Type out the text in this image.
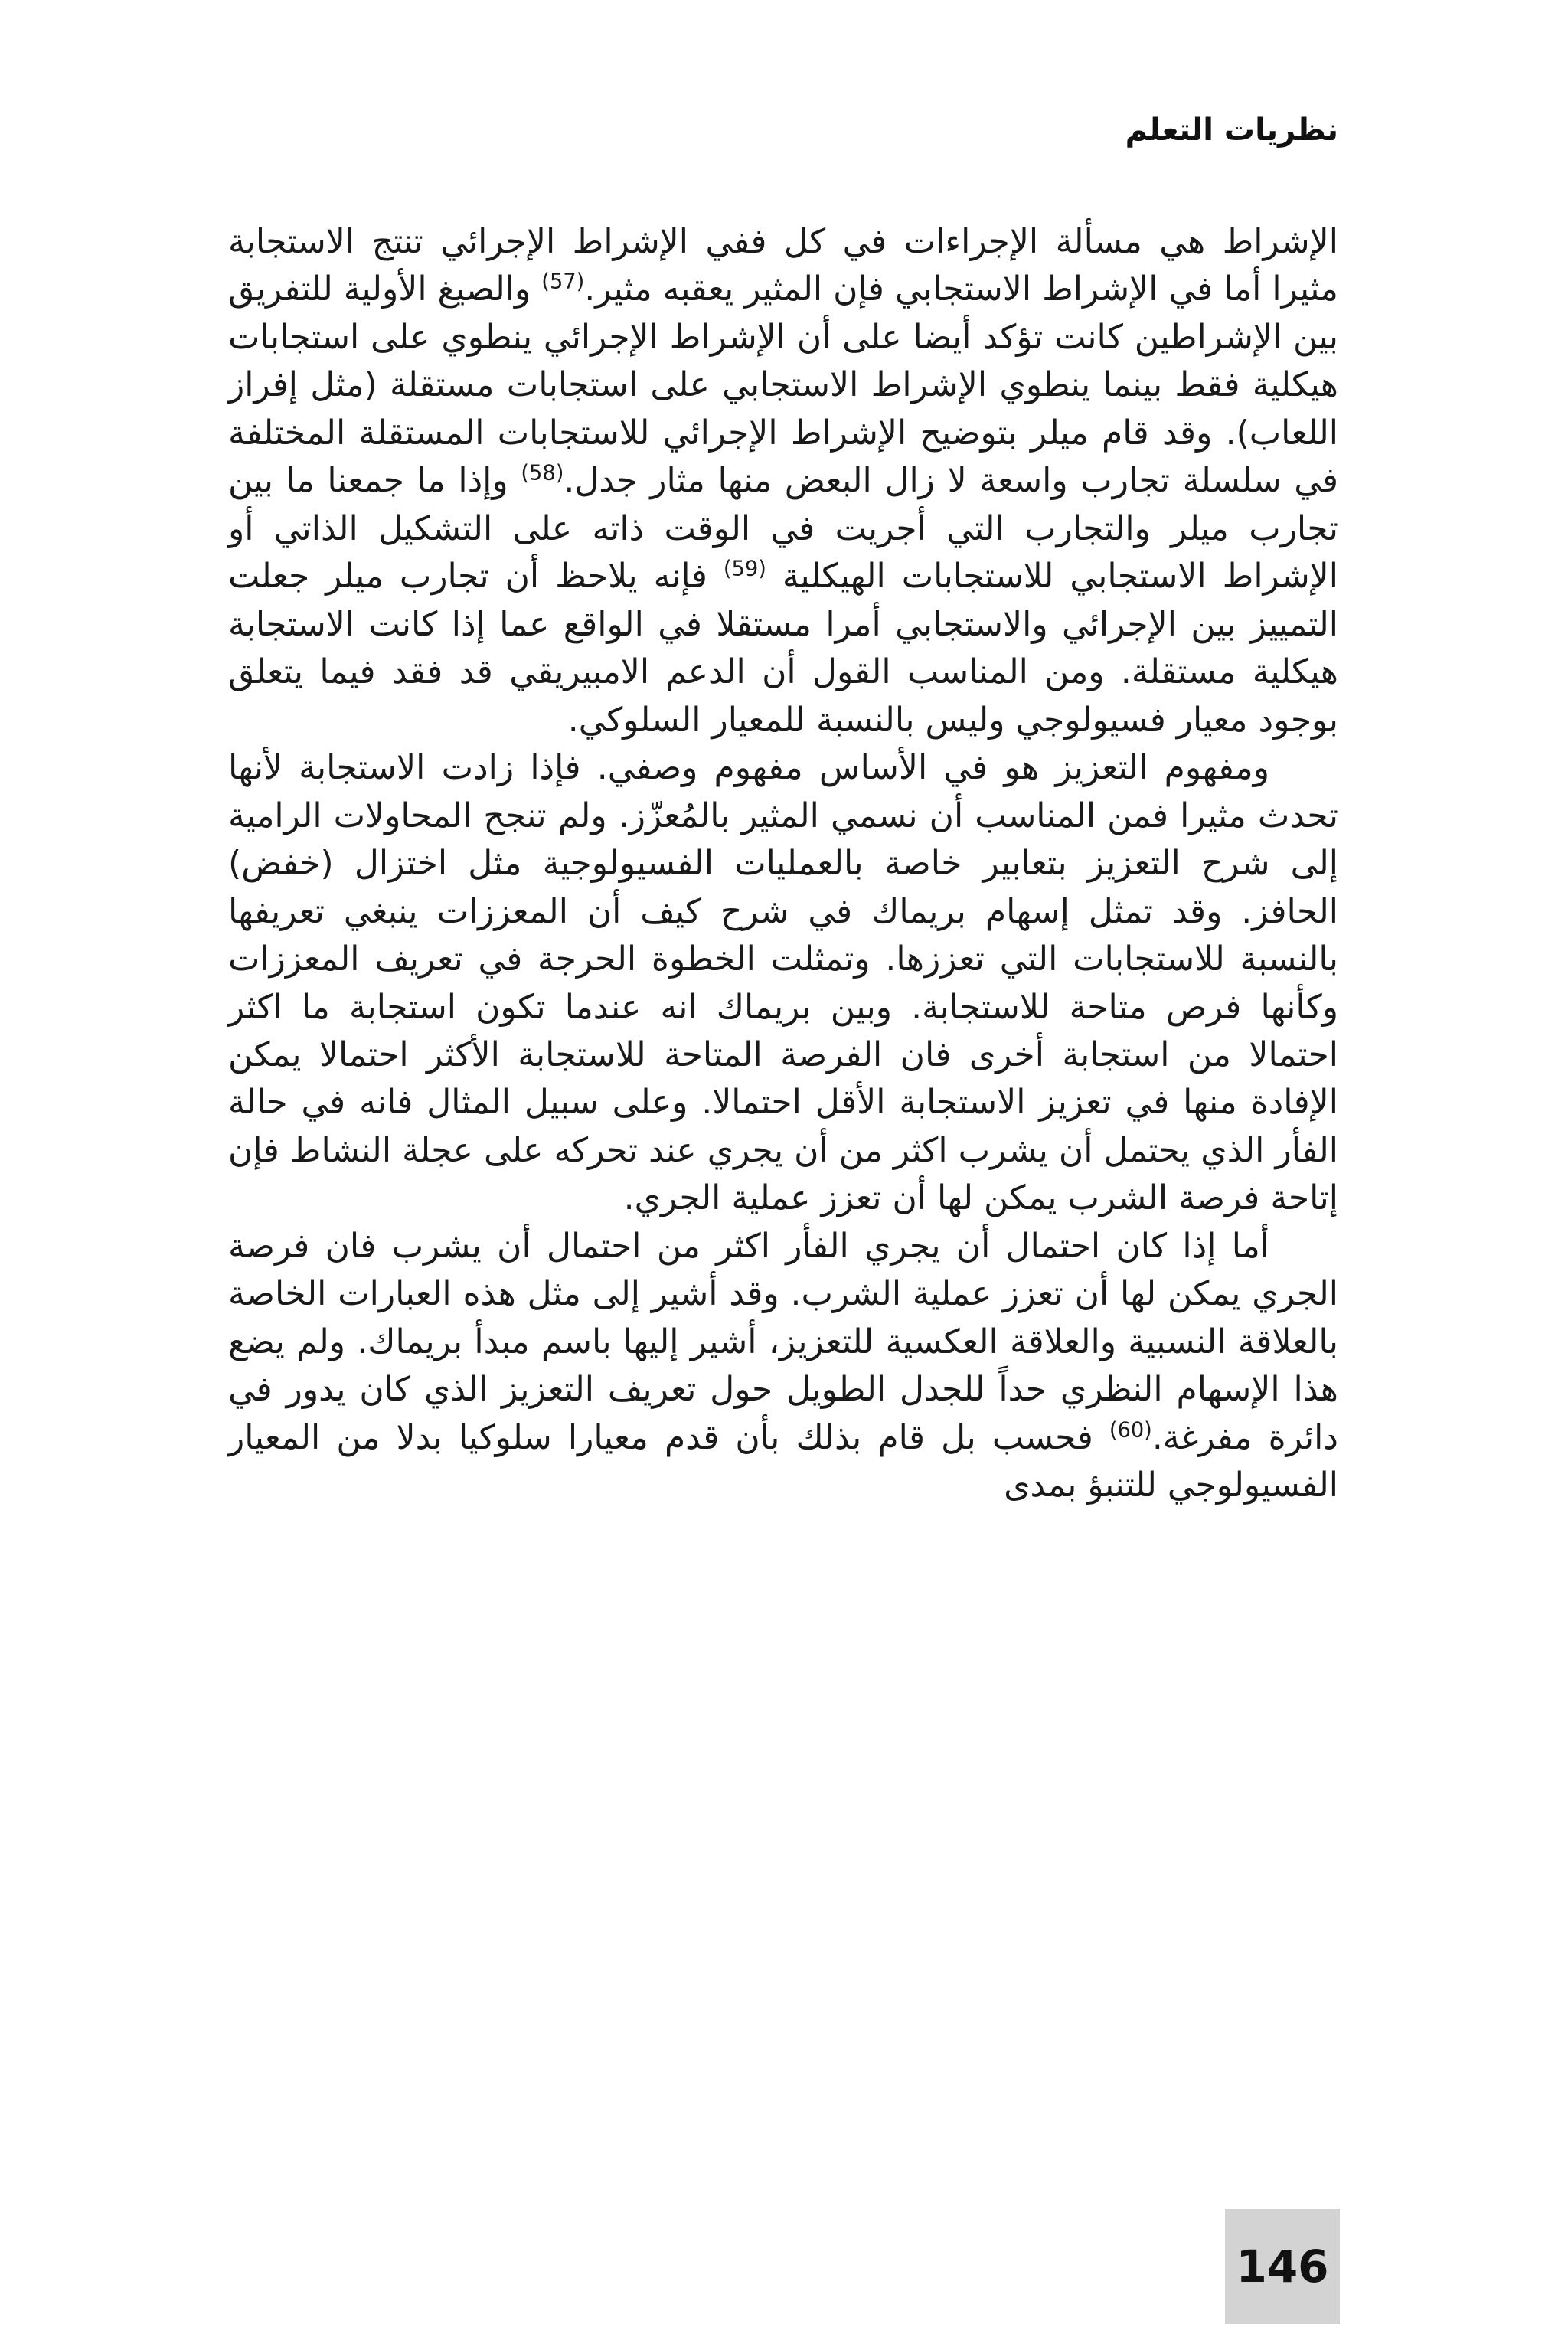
نظريات التعلم

الإشراط هي مسألة الإجراءات في كل ففي الإشراط الإجرائي تنتج الاستجابة مثيرا أما في الإشراط الاستجابي فإن المثير يعقبه مثير.$^{(57)}$ والصيغ الأولية للتفريق بين الإشراطين كانت تؤكد أيضا على أن الإشراط الإجرائي ينطوي على استجابات هيكلية فقط بينما ينطوي الإشراط الاستجابي على استجابات مستقلة (مثل إفراز اللعاب). وقد قام ميلر بتوضيح الإشراط الإجرائي للاستجابات المستقلة المختلفة في سلسلة تجارب واسعة لا زال البعض منها مثار جدل.$^{(58)}$ وإذا ما جمعنا ما بين تجارب ميلر والتجارب التي أجريت في الوقت ذاته على التشكيل الذاتي أو الإشراط الاستجابي للاستجابات الهيكلية $^{(59)}$ فإنه يلاحظ أن تجارب ميلر جعلت التمييز بين الإجرائي والاستجابي أمرا مستقلا في الواقع عما إذا كانت الاستجابة هيكلية مستقلة. ومن المناسب القول أن الدعم الامبيريقي قد فقد فيما يتعلق بوجود معيار فسيولوجي وليس بالنسبة للمعيار السلوكي.

ومفهوم التعزيز هو في الأساس مفهوم وصفي. فإذا زادت الاستجابة لأنها تحدث مثيرا فمن المناسب أن نسمي المثير بالمُعزّز. ولم تنجح المحاولات الرامية إلى شرح التعزيز بتعابير خاصة بالعمليات الفسيولوجية مثل اختزال (خفض) الحافز. وقد تمثل إسهام بريماك في شرح كيف أن المعززات ينبغي تعريفها بالنسبة للاستجابات التي تعززها. وتمثلت الخطوة الحرجة في تعريف المعززات وكأنها فرص متاحة للاستجابة. وبين بريماك انه عندما تكون استجابة ما اكثر احتمالا من استجابة أخرى فان الفرصة المتاحة للاستجابة الأكثر احتمالا يمكن الإفادة منها في تعزيز الاستجابة الأقل احتمالا. وعلى سبيل المثال فانه في حالة الفأر الذي يحتمل أن يشرب اكثر من أن يجري عند تحركه على عجلة النشاط فإن إتاحة فرصة الشرب يمكن لها أن تعزز عملية الجري.

أما إذا كان احتمال أن يجري الفأر اكثر من احتمال أن يشرب فان فرصة الجري يمكن لها أن تعزز عملية الشرب. وقد أشير إلى مثل هذه العبارات الخاصة بالعلاقة النسبية والعلاقة العكسية للتعزيز، أشير إليها باسم مبدأ بريماك. ولم يضع هذا الإسهام النظري حداً للجدل الطويل حول تعريف التعزيز الذي كان يدور في دائرة مفرغة.$^{(60)}$ فحسب بل قام بذلك بأن قدم معيارا سلوكيا بدلا من المعيار الفسيولوجي للتنبؤ بمدى

146
